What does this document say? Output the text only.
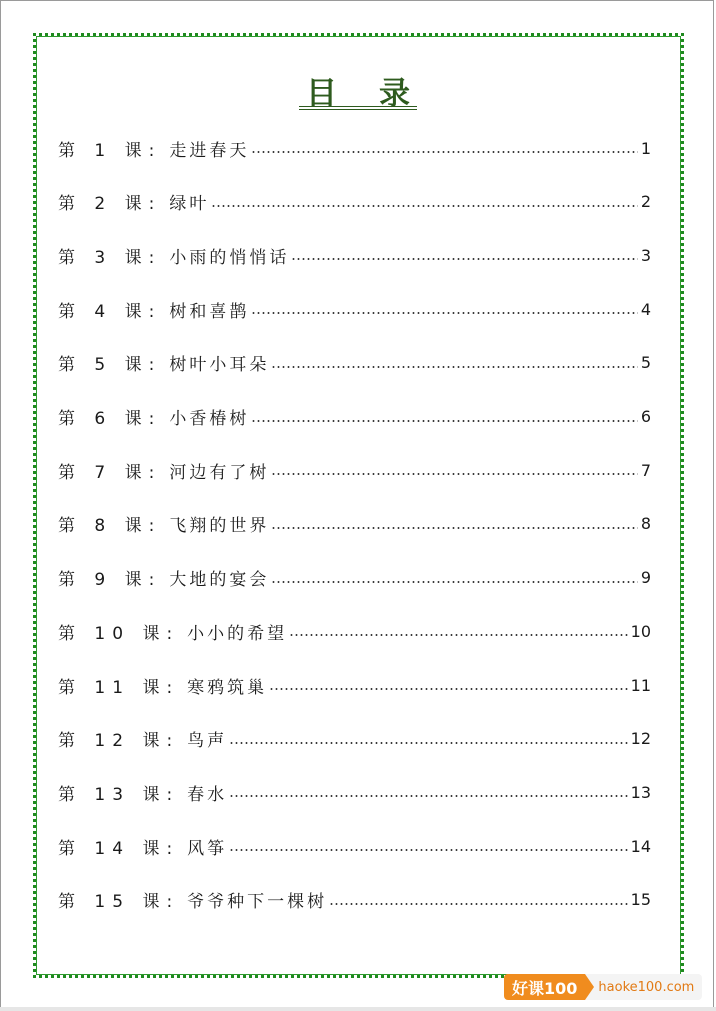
目录
第 1 课: 走进春天	1
第 2 课: 绿叶	2
第 3 课: 小雨的悄悄话	3
第 4 课: 树和喜鹊	4
第 5 课: 树叶小耳朵	5
第 6 课: 小香椿树	6
第 7 课: 河边有了树	7
第 8 课: 飞翔的世界	8
第 9 课: 大地的宴会	9
第 10 课: 小小的希望	10
第 11 课: 寒鸦筑巢	11
第 12 课: 鸟声	12
第 13 课: 春水	13
第 14 课: 风筝	14
第 15 课: 爷爷种下一棵树	15
好课100	haoke100.com
